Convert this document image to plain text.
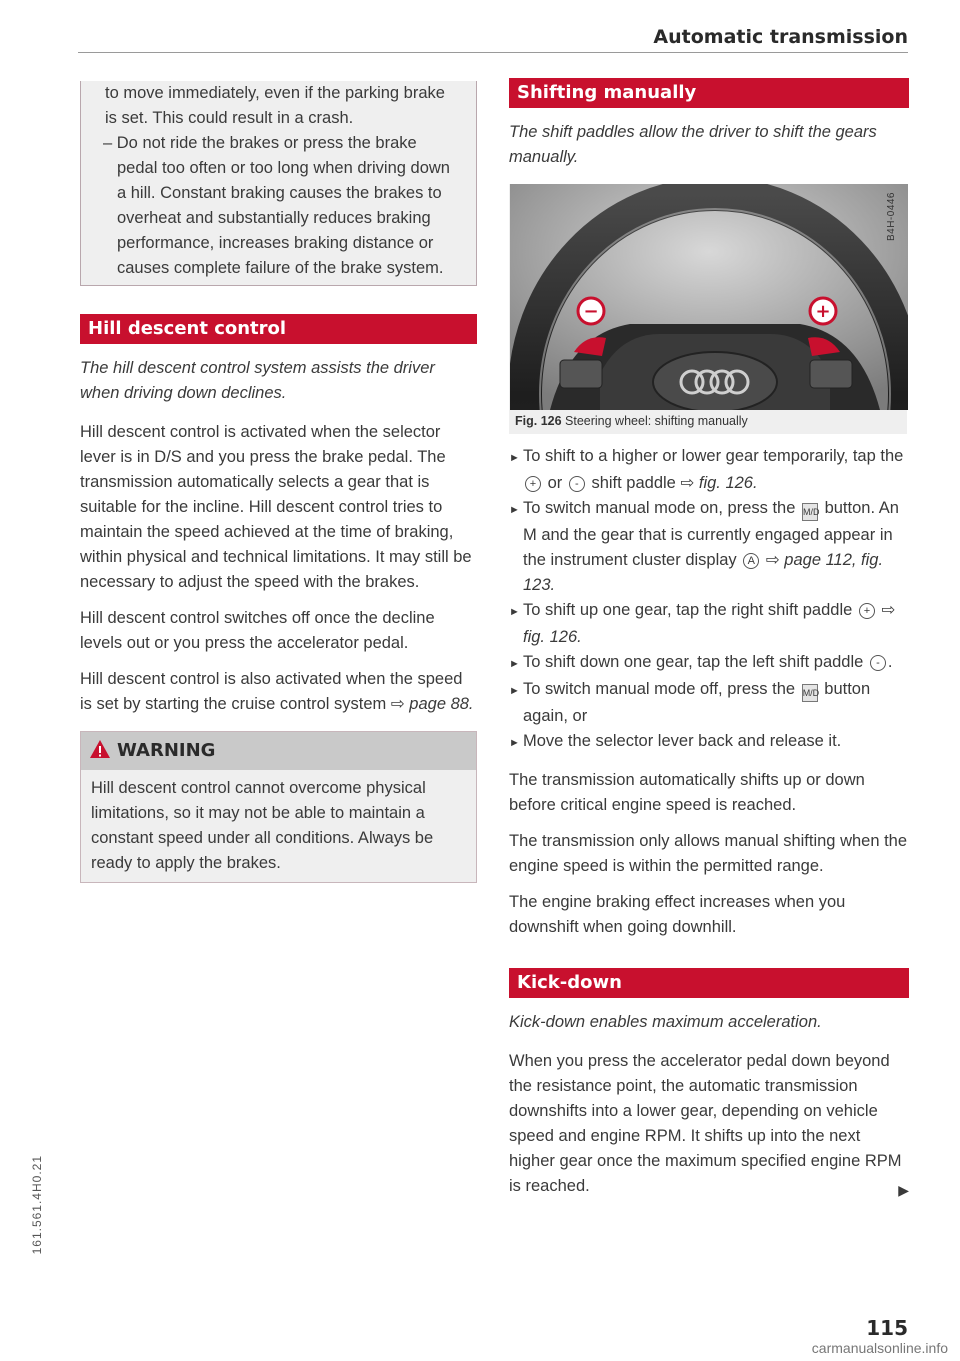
Automatic transmission

to move immediately, even if the parking brake is set. This could result in a crash.

– Do not ride the brakes or press the brake pedal too often or too long when driving down a hill. Constant braking causes the brakes to overheat and substantially reduces braking performance, increases braking distance or causes complete failure of the brake system.

Hill descent control

The hill descent control system assists the driver when driving down declines.

Hill descent control is activated when the selector lever is in D/S and you press the brake pedal. The transmission automatically selects a gear that is suitable for the incline. Hill descent control tries to maintain the speed achieved at the time of braking, within physical and technical limitations. It may still be necessary to adjust the speed with the brakes.

Hill descent control switches off once the decline levels out or you press the accelerator pedal.

Hill descent control is also activated when the speed is set by starting the cruise control system ⇨ page 88.

WARNING
Hill descent control cannot overcome physical limitations, so it may not be able to maintain a constant speed under all conditions. Always be ready to apply the brakes.
Shifting manually

The shift paddles allow the driver to shift the gears manually.

−	+
B4H-0446
Fig. 126 Steering wheel: shifting manually

► To shift to a higher or lower gear temporarily, tap the + or - shift paddle ⇨ fig. 126.

► To switch manual mode on, press the M/D button. An M and the gear that is currently engaged appear in the instrument cluster display A ⇨ page 112, fig. 123.

► To shift up one gear, tap the right shift paddle + ⇨ fig. 126.

► To shift down one gear, tap the left shift paddle - .

► To switch manual mode off, press the M/D button again, or

► Move the selector lever back and release it.

The transmission automatically shifts up or down before critical engine speed is reached.

The transmission only allows manual shifting when the engine speed is within the permitted range.

The engine braking effect increases when you downshift when going downhill.

Kick-down

Kick-down enables maximum acceleration.

When you press the accelerator pedal down beyond the resistance point, the automatic transmission downshifts into a lower gear, depending on vehicle speed and engine RPM. It shifts up into the next higher gear once the maximum specified engine RPM is reached.	▶

115
161.561.4H0.21
carmanualsonline.info
